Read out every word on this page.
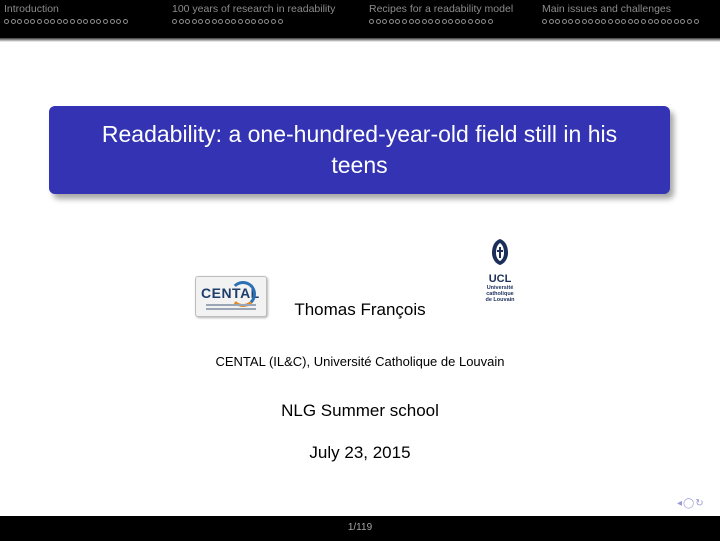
Introduction	100 years of research in readability	Recipes for a readability model	Main issues and challenges
Readability: a one-hundred-year-old field still in his teens
CENTAL
UCL
Université
catholique
de Louvain
Thomas François
CENTAL (IL&C), Université Catholique de Louvain
NLG Summer school
July 23, 2015
◂◯↻
1/119
